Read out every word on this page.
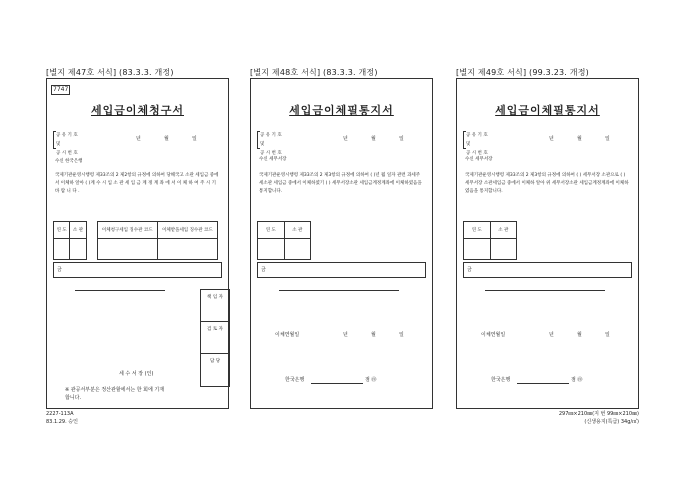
[별지 제47호 서식] (83.3.3. 개정)	[별지 제48호 서식] (83.3.3. 개정)	[별지 제49호 서식] (99.3.23. 개정)
7747
세입금이체청구서
공 유 기 호 및
공 시 번 호
년	월	일
수신 한국은행
국제기관운영시행령 제33조의 2 제2항의 규정에 의하여 당해국고 소관 세입금 중에서 이체하 알아 ( )계 수 시 입 소 관 세 입 금 계 정 계 좌 에 서 이 체 하 여 주 시 기 바 랍 니 다 .
연 도	소 관		이체청구세입 징수관 코드	이체받을세입 징수관 코드

금
책 임 자
검 토 자
담 당
세 수 서 장 (인)
※ 관공서부분은 정산관할에서는 한 회에 기재합니다.
세입금이체필통지서
공 유 기 호 및
공 시 번 호
년	월	일
수신 세무서장
국제기관운영시행령 제33조의 2 제3항의 규정에 의하여 ( )년 월 일자 관련 과세주세소관 세입금 중에서 이체하였기 ( ) 세무서장소관 세입금계정계좌에 이체하였음을 통지합니다.
연 도	소 관

금
이체연월일	년	월	일
한국은행	점 ㊞
세입금이체필통지서
공 유 기 호 및
공 시 번 호
년	월	일
수신 세무서장
국제기관운영시행령 제33조의 2 제3항의 규정에 의하여 ( ) 세무서장 소관으로 ( )세무서장 소관세입금 중에서 이체하 알아 위 세무서장소관 세입금계정계좌에 이체하였음을 통지합니다.
연 도	소 관

금
이체연월일	년	월	일
한국은행	점 ㊞
2227-113A
83.1.29. 승인
297㎜×210㎜(지 번 99㎜×210㎜)
(신생용지(특급) 34g/㎡)
